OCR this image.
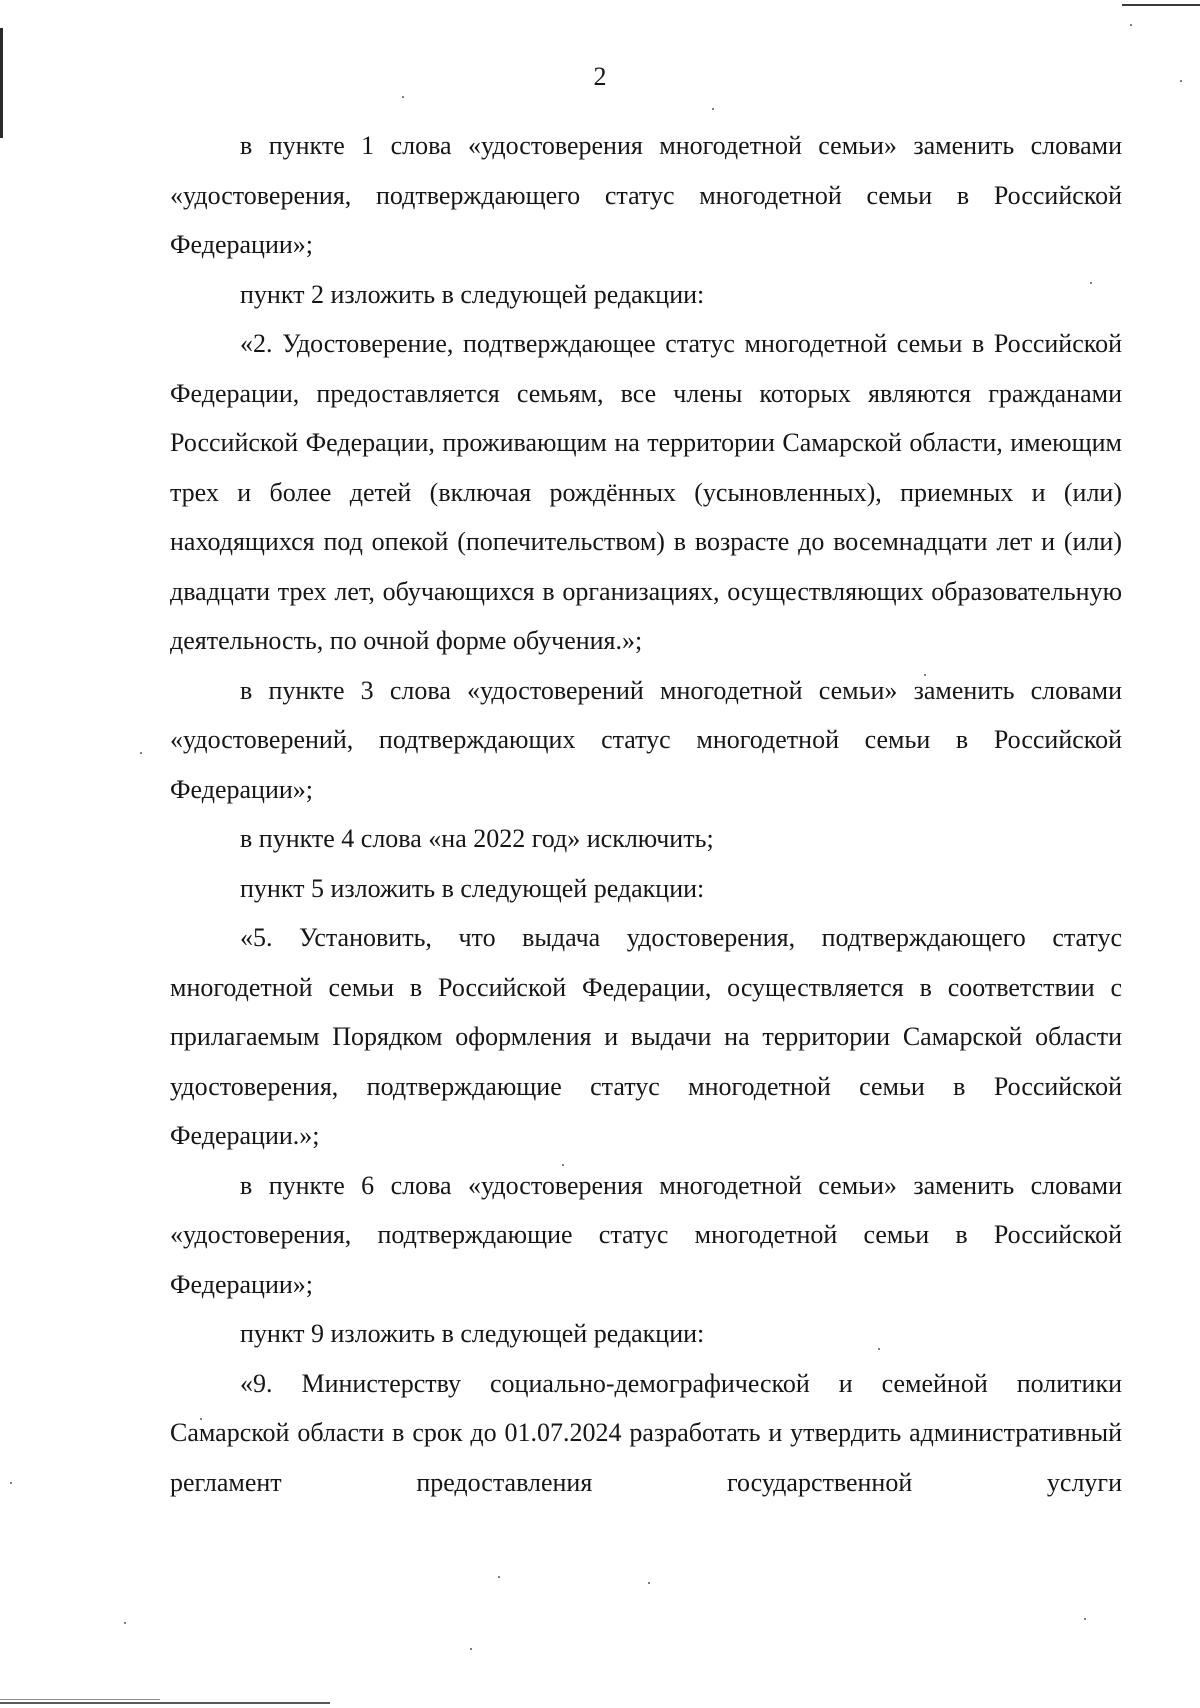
2

в пункте 1 слова «удостоверения многодетной семьи» заменить словами «удостоверения, подтверждающего статус многодетной семьи в Российской Федерации»;

пункт 2 изложить в следующей редакции:

«2. Удостоверение, подтверждающее статус многодетной семьи в Российской Федерации, предоставляется семьям, все члены которых являются гражданами Российской Федерации, проживающим на территории Самарской области, имеющим трех и более детей (включая рождённых (усыновленных), приемных и (или) находящихся под опекой (попечительством) в возрасте до восемнадцати лет и (или) двадцати трех лет, обучающихся в организациях, осуществляющих образовательную деятельность, по очной форме обучения.»;

в пункте 3 слова «удостоверений многодетной семьи» заменить словами «удостоверений, подтверждающих статус многодетной семьи в Российской Федерации»;

в пункте 4 слова «на 2022 год» исключить;

пункт 5 изложить в следующей редакции:

«5. Установить, что выдача удостоверения, подтверждающего статус многодетной семьи в Российской Федерации, осуществляется в соответствии с прилагаемым Порядком оформления и выдачи на территории Самарской области удостоверения, подтверждающие статус многодетной семьи в Российской Федерации.»;

в пункте 6 слова «удостоверения многодетной семьи» заменить словами «удостоверения, подтверждающие статус многодетной семьи в Российской Федерации»;

пункт 9 изложить в следующей редакции:

«9. Министерству социально-демографической и семейной политики Самарской области в срок до 01.07.2024 разработать и утвердить административный регламент предоставления государственной услуги
